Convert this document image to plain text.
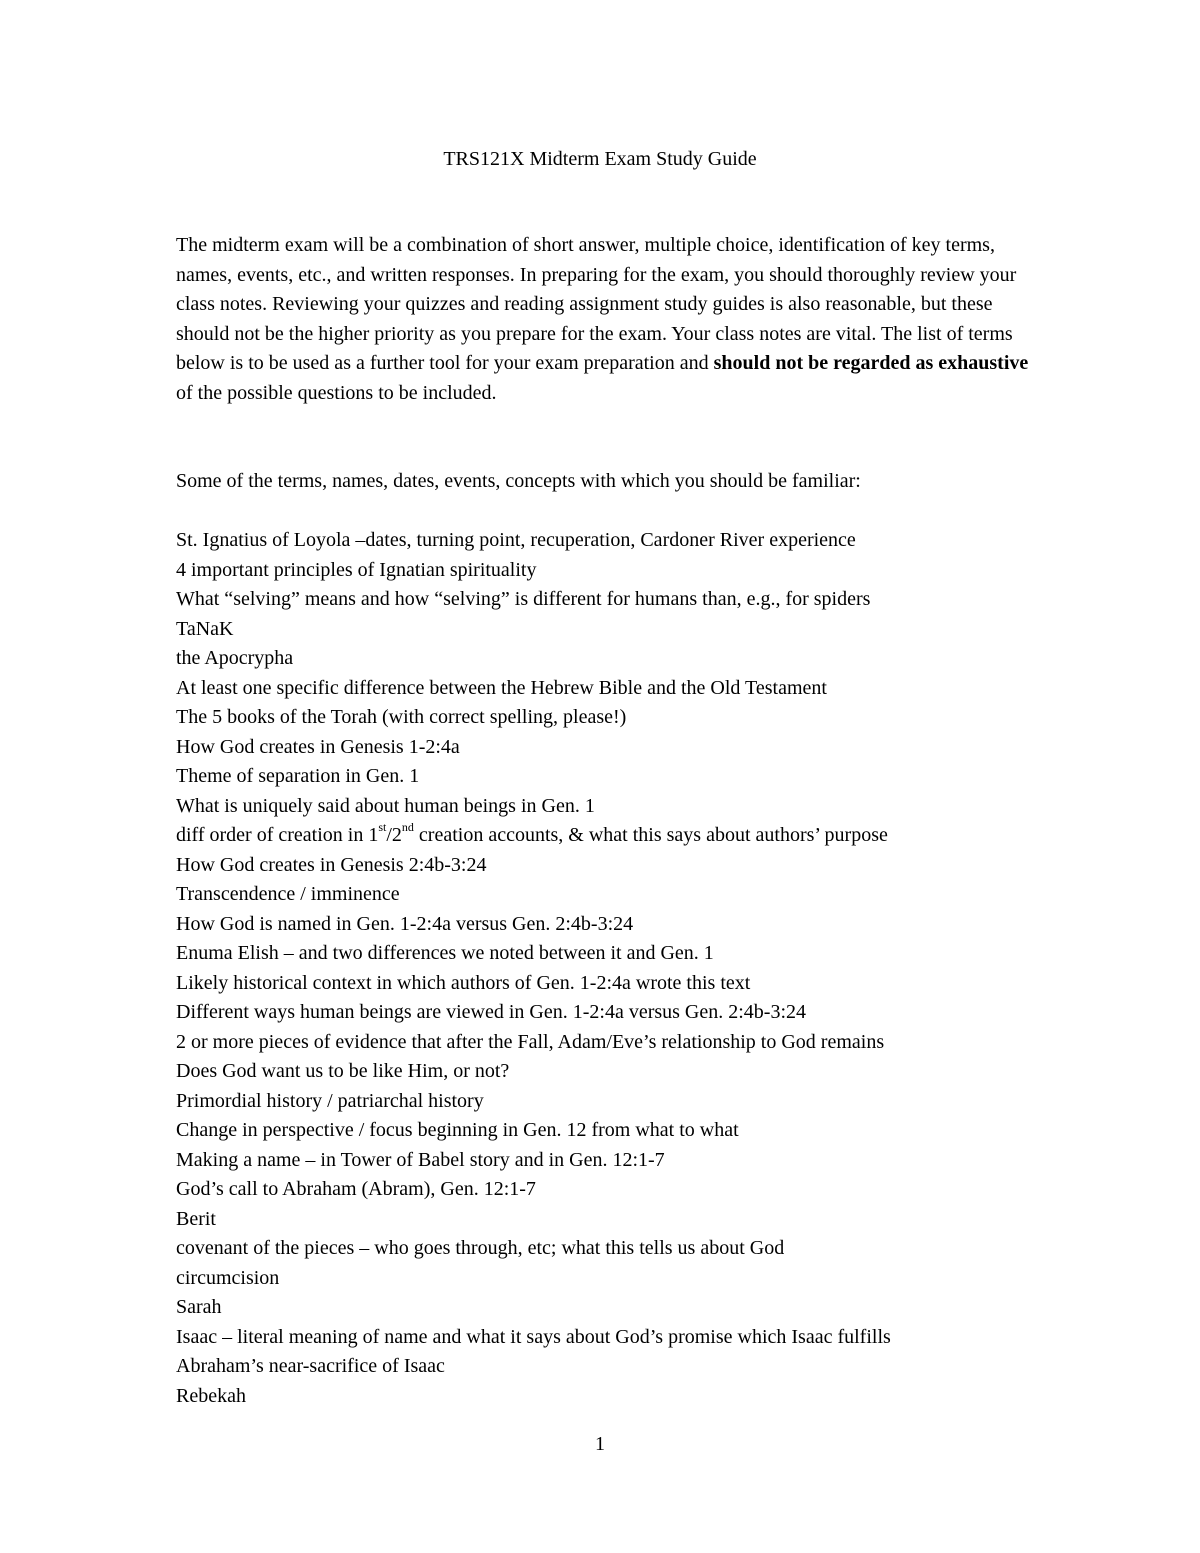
TRS121X Midterm Exam Study Guide

The midterm exam will be a combination of short answer, multiple choice, identification of key terms, names, events, etc., and written responses. In preparing for the exam, you should thoroughly review your class notes. Reviewing your quizzes and reading assignment study guides is also reasonable, but these should not be the higher priority as you prepare for the exam. Your class notes are vital. The list of terms below is to be used as a further tool for your exam preparation and should not be regarded as exhaustive of the possible questions to be included.

Some of the terms, names, dates, events, concepts with which you should be familiar:

St. Ignatius of Loyola –dates, turning point, recuperation, Cardoner River experience
4 important principles of Ignatian spirituality
What “selving” means and how “selving” is different for humans than, e.g., for spiders
TaNaK
the Apocrypha
At least one specific difference between the Hebrew Bible and the Old Testament
The 5 books of the Torah (with correct spelling, please!)
How God creates in Genesis 1-2:4a
Theme of separation in Gen. 1
What is uniquely said about human beings in Gen. 1
diff order of creation in 1st/2nd creation accounts, & what this says about authors’ purpose
How God creates in Genesis 2:4b-3:24
Transcendence / imminence
How God is named in Gen. 1-2:4a versus Gen. 2:4b-3:24
Enuma Elish – and two differences we noted between it and Gen. 1
Likely historical context in which authors of Gen. 1-2:4a wrote this text
Different ways human beings are viewed in Gen. 1-2:4a versus Gen. 2:4b-3:24
2 or more pieces of evidence that after the Fall, Adam/Eve’s relationship to God remains
Does God want us to be like Him, or not?
Primordial history / patriarchal history
Change in perspective / focus beginning in Gen. 12 from what to what
Making a name – in Tower of Babel story and in Gen. 12:1-7
God’s call to Abraham (Abram), Gen. 12:1-7
Berit
covenant of the pieces – who goes through, etc; what this tells us about God
circumcision
Sarah
Isaac – literal meaning of name and what it says about God’s promise which Isaac fulfills
Abraham’s near-sacrifice of Isaac
Rebekah
1
